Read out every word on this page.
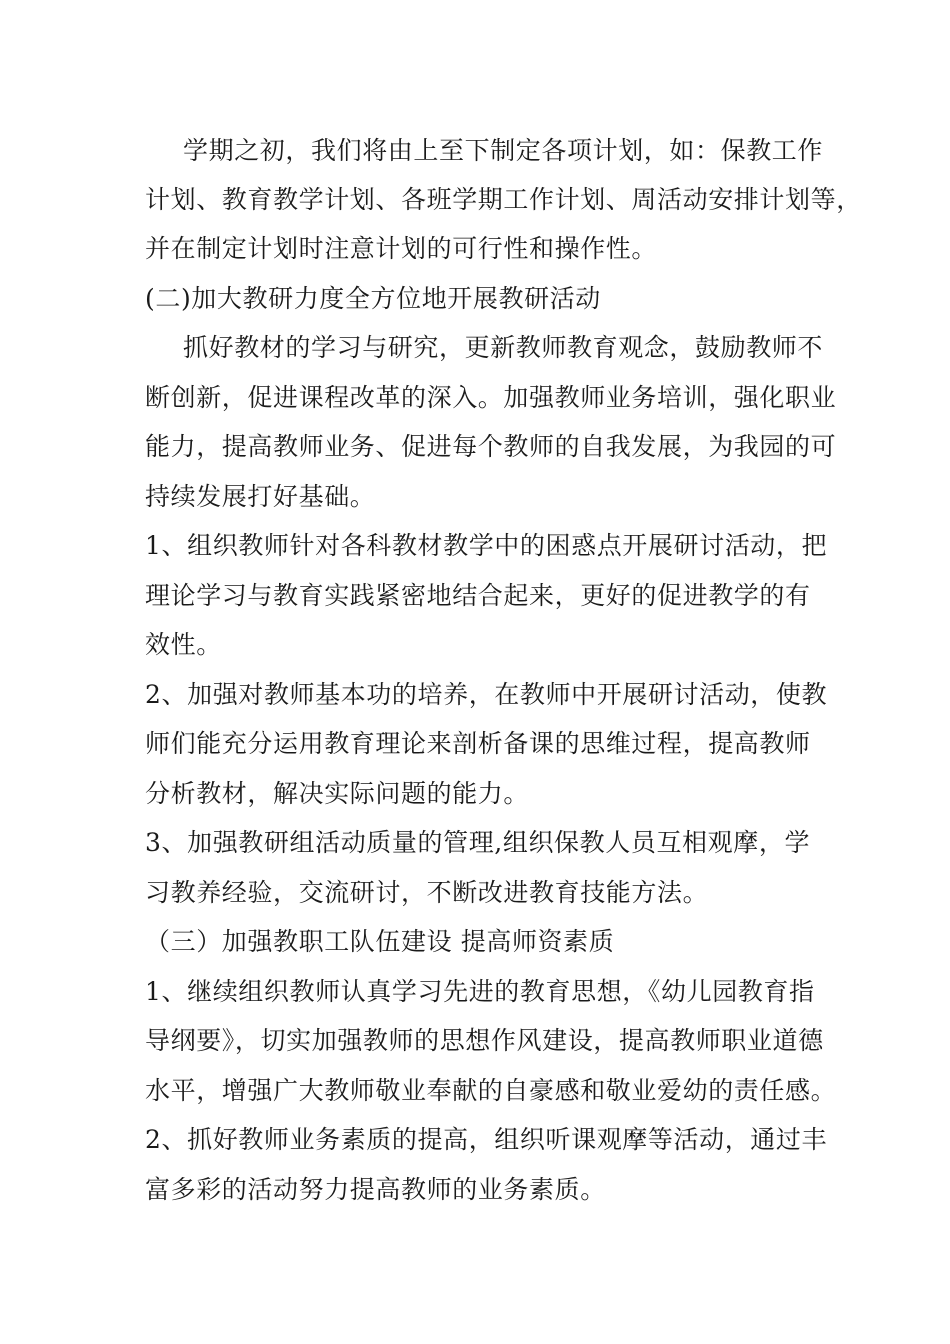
学期之初，我们将由上至下制定各项计划，如：保教工作
计划、教育教学计划、各班学期工作计划、周活动安排计划等，
并在制定计划时注意计划的可行性和操作性。
(二)加大教研力度全方位地开展教研活动
抓好教材的学习与研究，更新教师教育观念，鼓励教师不
断创新，促进课程改革的深入。加强教师业务培训，强化职业
能力，提高教师业务、促进每个教师的自我发展，为我园的可
持续发展打好基础。
1、组织教师针对各科教材教学中的困惑点开展研讨活动，把
理论学习与教育实践紧密地结合起来，更好的促进教学的有
效性。
2、加强对教师基本功的培养，在教师中开展研讨活动，使教
师们能充分运用教育理论来剖析备课的思维过程，提高教师
分析教材，解决实际问题的能力。
3、加强教研组活动质量的管理,组织保教人员互相观摩，学
习教养经验，交流研讨，不断改进教育技能方法。
（三）加强教职工队伍建设 提高师资素质
1、继续组织教师认真学习先进的教育思想，《幼儿园教育指
导纲要》，切实加强教师的思想作风建设，提高教师职业道德
水平，增强广大教师敬业奉献的自豪感和敬业爱幼的责任感。
2、抓好教师业务素质的提高，组织听课观摩等活动，通过丰
富多彩的活动努力提高教师的业务素质。
